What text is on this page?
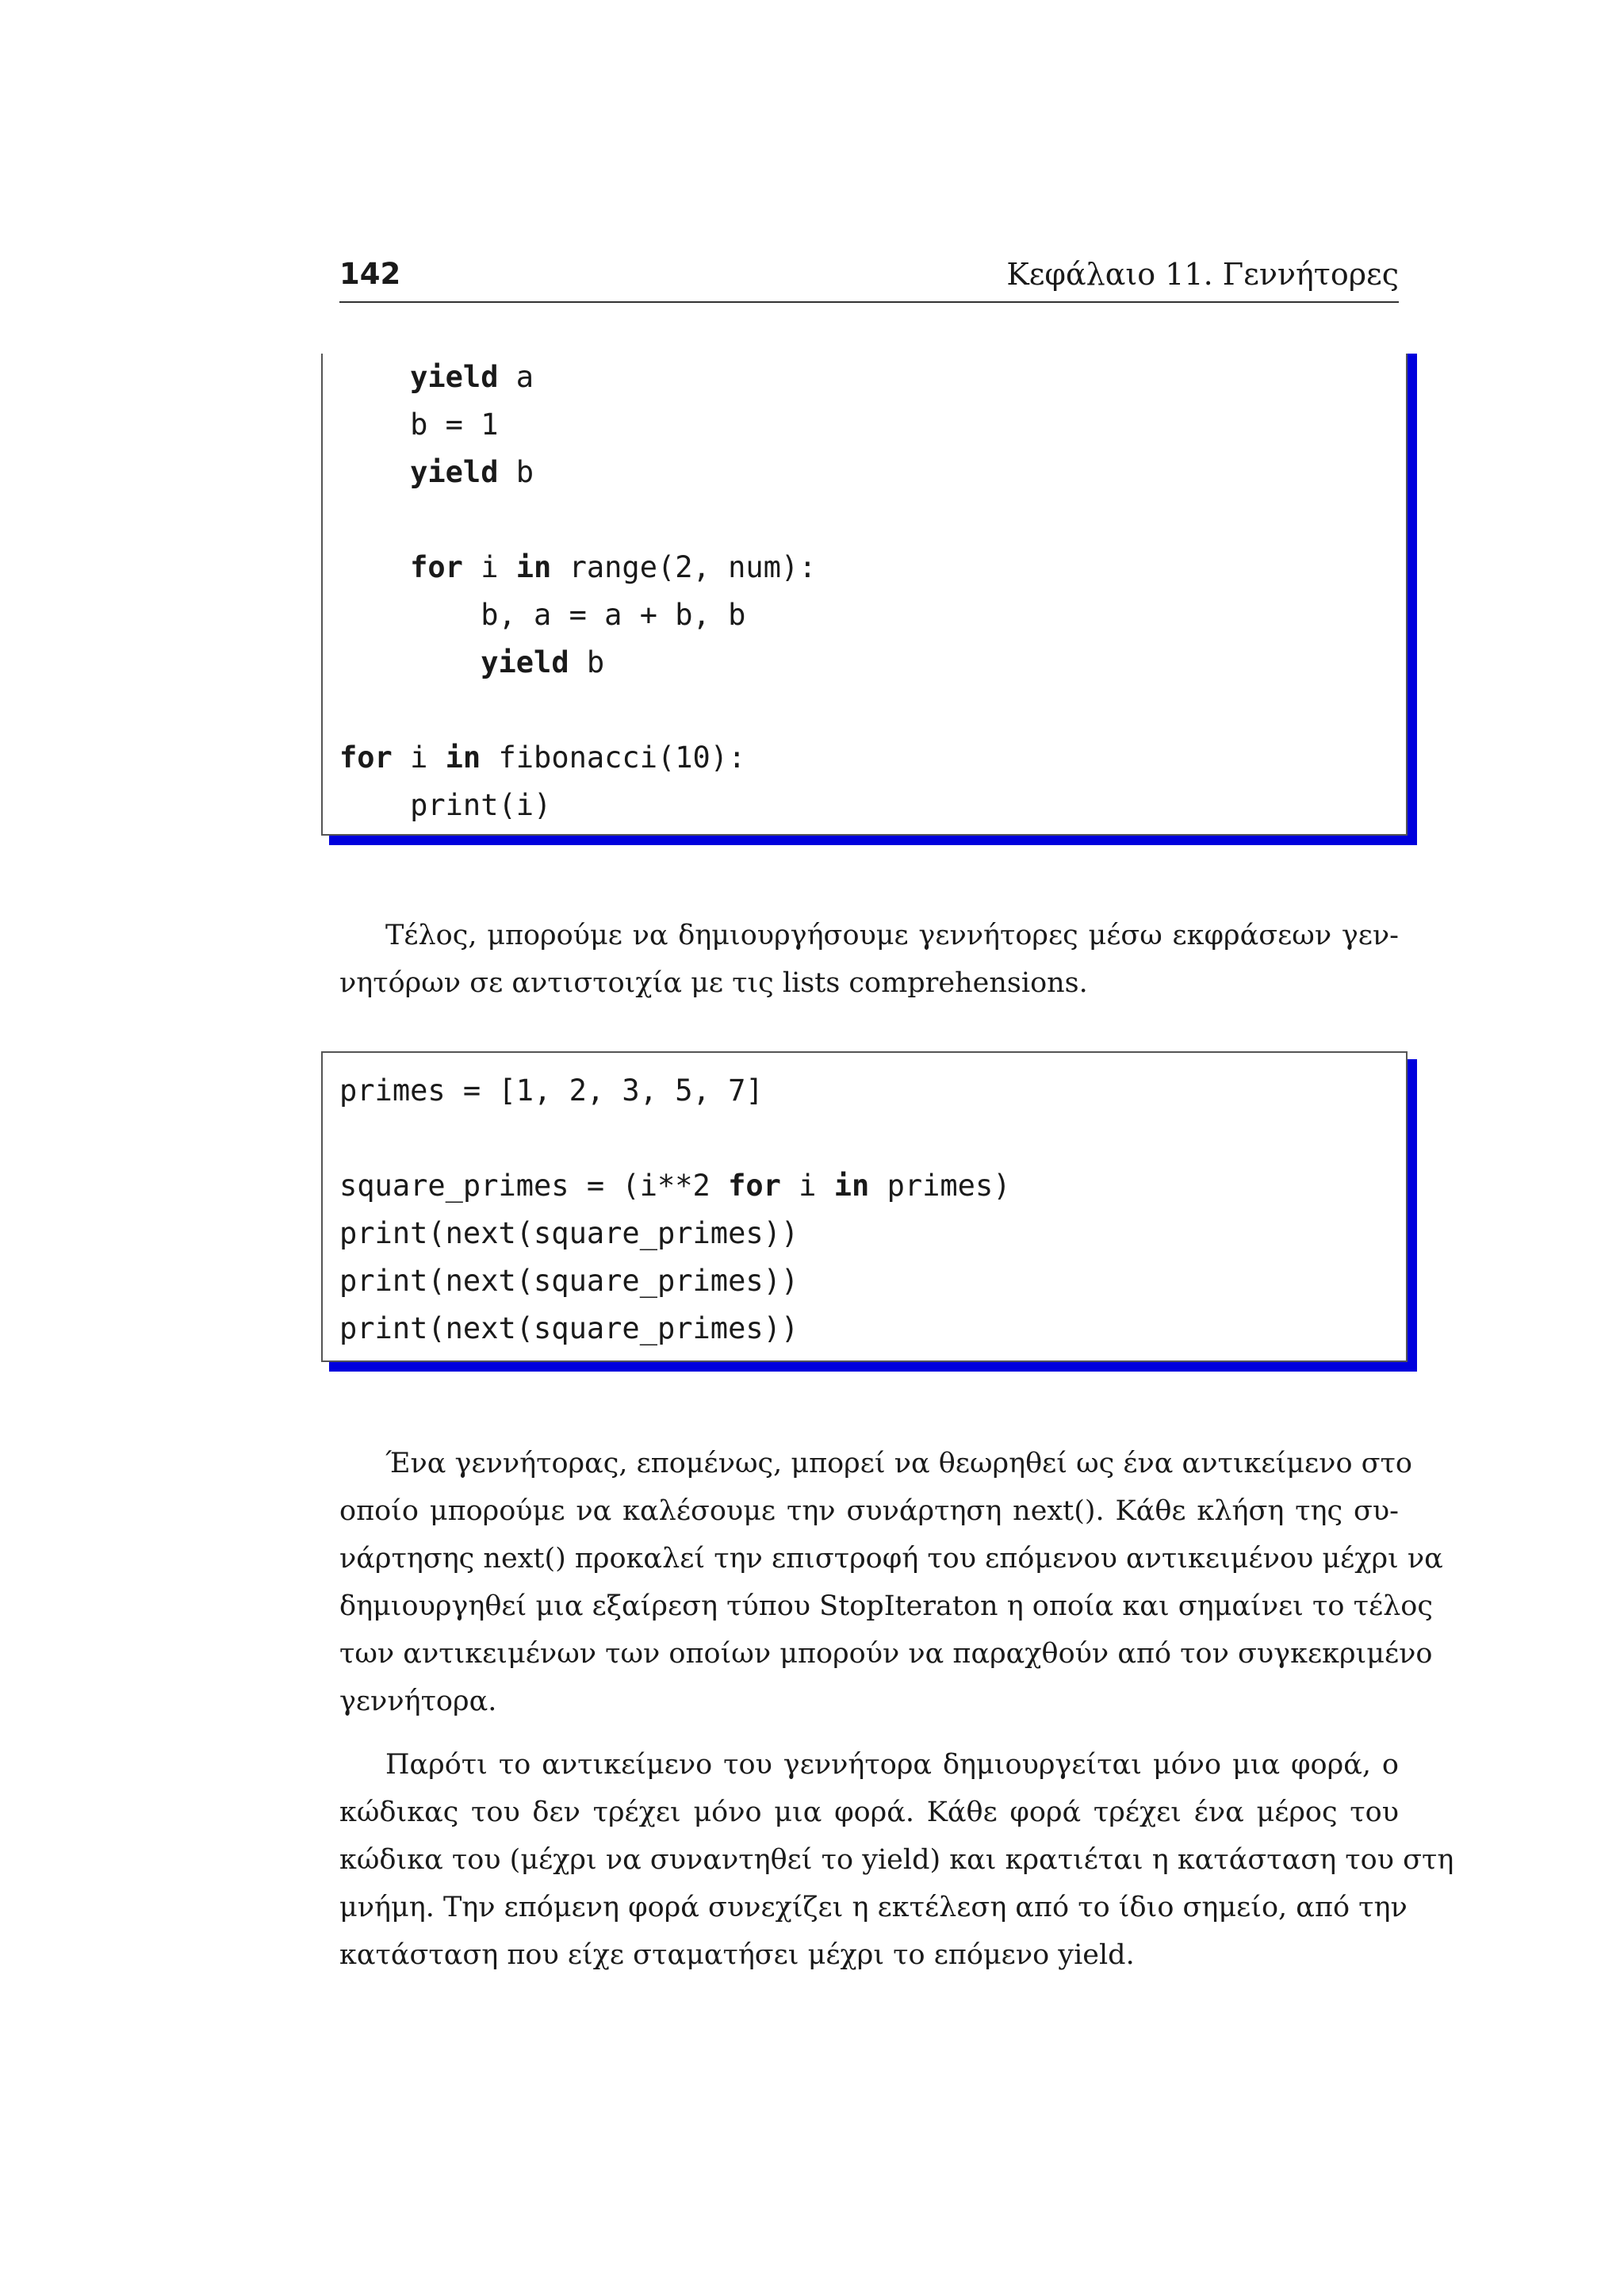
142	Κεφάλαιο 11. Γεννήτορες
yield a
b = 1
yield b
for i in range(2, num):
b, a = a + b, b
yield b
for i in fibonacci(10):
print(i)
Τέλος, μπορούμε να δημιουργήσουμε γεννήτορες μέσω εκφράσεων γεν-
νητόρων σε αντιστοιχία με τις lists comprehensions.
primes = [1, 2, 3, 5, 7]
square_primes = (i**2 for i in primes)
print(next(square_primes))
print(next(square_primes))
print(next(square_primes))
Ένα γεννήτορας, επομένως, μπορεί να θεωρηθεί ως ένα αντικείμενο στο
οποίο μπορούμε να καλέσουμε την συνάρτηση next(). Κάθε κλήση της συ-
νάρτησης next() προκαλεί την επιστροφή του επόμενου αντικειμένου μέχρι να
δημιουργηθεί μια εξαίρεση τύπου StopIteraton η οποία και σημαίνει το τέλος
των αντικειμένων των οποίων μπορούν να παραχθούν από τον συγκεκριμένο
γεννήτορα.
Παρότι το αντικείμενο του γεννήτορα δημιουργείται μόνο μια φορά, ο
κώδικας του δεν τρέχει μόνο μια φορά. Κάθε φορά τρέχει ένα μέρος του
κώδικα του (μέχρι να συναντηθεί το yield) και κρατιέται η κατάσταση του στη
μνήμη. Την επόμενη φορά συνεχίζει η εκτέλεση από το ίδιο σημείο, από την
κατάσταση που είχε σταματήσει μέχρι το επόμενο yield.
